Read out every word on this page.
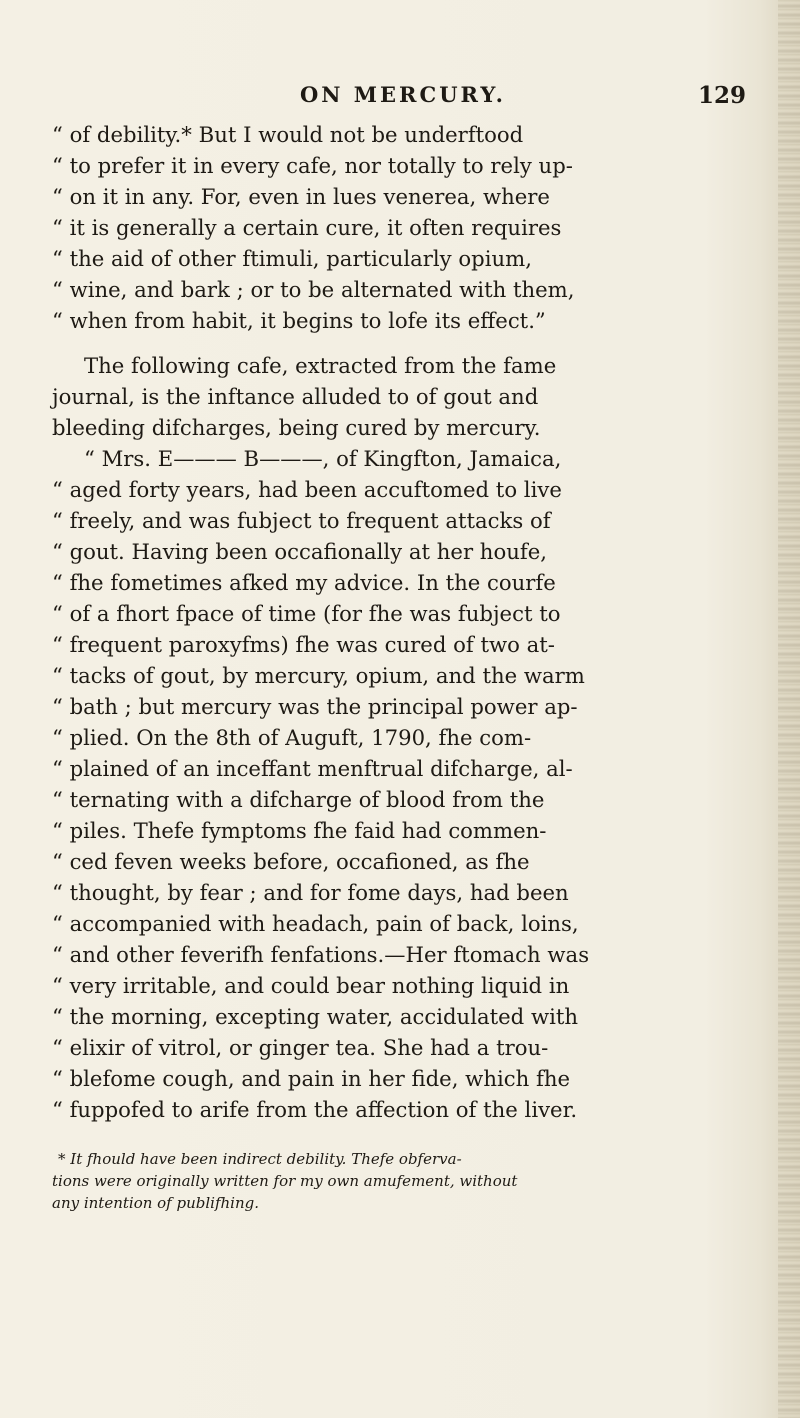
ON MERCURY.	129
“ of debility.* But I would not be underftood
“ to prefer it in every cafe, nor totally to rely up-
“ on it in any. For, even in lues venerea, where
“ it is generally a certain cure, it often requires
“ the aid of other ftimuli, particularly opium,
“ wine, and bark ; or to be alternated with them,
“ when from habit, it begins to lofe its effect.”
The following cafe, extracted from the fame
journal, is the inftance alluded to of gout and
bleeding difcharges, being cured by mercury.
“ Mrs. E——— B———, of Kingfton, Jamaica,
“ aged forty years, had been accuftomed to live
“ freely, and was fubject to frequent attacks of
“ gout. Having been occafionally at her houfe,
“ fhe fometimes afked my advice. In the courfe
“ of a fhort fpace of time (for fhe was fubject to
“ frequent paroxyfms) fhe was cured of two at-
“ tacks of gout, by mercury, opium, and the warm
“ bath ; but mercury was the principal power ap-
“ plied. On the 8th of Auguft, 1790, fhe com-
“ plained of an inceffant menftrual difcharge, al-
“ ternating with a difcharge of blood from the
“ piles. Thefe fymptoms fhe faid had commen-
“ ced feven weeks before, occafioned, as fhe
“ thought, by fear ; and for fome days, had been
“ accompanied with headach, pain of back, loins,
“ and other feverifh fenfations.—Her ftomach was
“ very irritable, and could bear nothing liquid in
“ the morning, excepting water, accidulated with
“ elixir of vitrol, or ginger tea. She had a trou-
“ blefome cough, and pain in her fide, which fhe
“ fuppofed to arife from the affection of the liver.
* It fhould have been indirect debility. Thefe obferva-
tions were originally written for my own amufement, without
any intention of publifhing.
